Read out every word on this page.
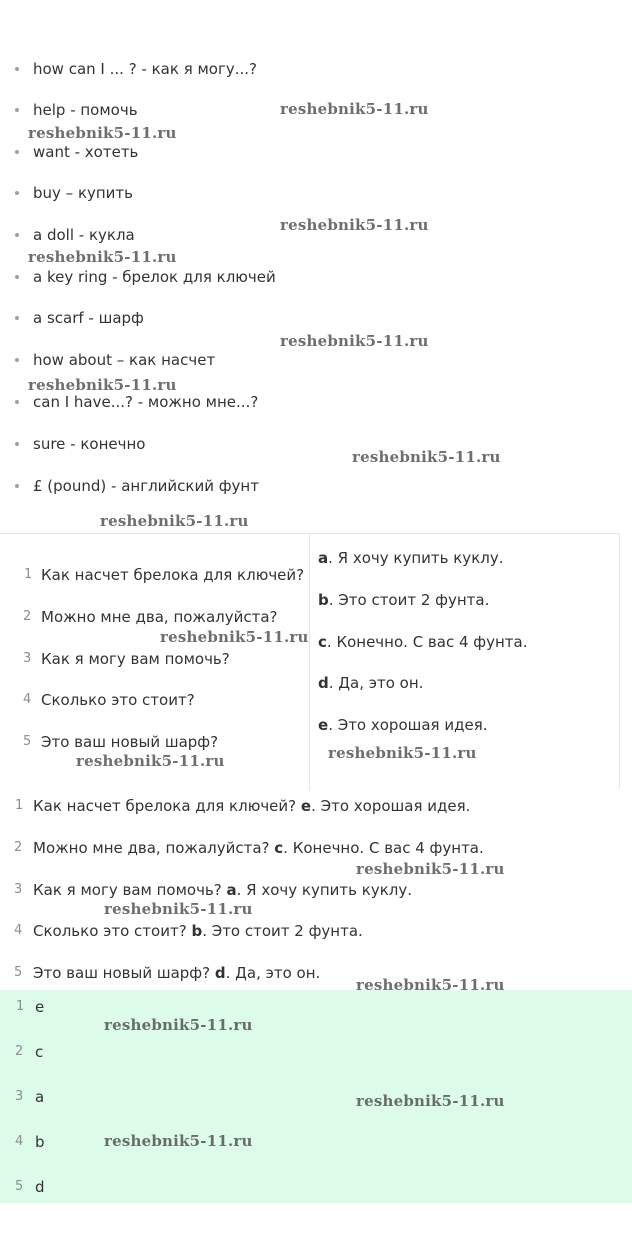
how can I ... ? - как я могу...?
help - помочь
want - хотеть
buy – купить
a doll - кукла
a key ring - брелок для ключей
a scarf - шарф
how about – как насчет
can I have...? - можно мне...?
sure - конечно
£ (pound) - английский фунт
1 Как насчет брелока для ключей?
2 Можно мне два, пожалуйста?
3 Как я могу вам помочь?
4 Сколько это стоит?
5 Это ваш новый шарф?
a. Я хочу купить куклу.
b. Это стоит 2 фунта.
c. Конечно. С вас 4 фунта.
d. Да, это он.
e. Это хорошая идея.
1 Как насчет брелока для ключей? e. Это хорошая идея.
2 Можно мне два, пожалуйста? c. Конечно. С вас 4 фунта.
3 Как я могу вам помочь? a. Я хочу купить куклу.
4 Сколько это стоит? b. Это стоит 2 фунта.
5 Это ваш новый шарф? d. Да, это он.
1 e
2 c
3 a
4 b
5 d
reshebnik5-11.ru
reshebnik5-11.ru
reshebnik5-11.ru
reshebnik5-11.ru
reshebnik5-11.ru
reshebnik5-11.ru
reshebnik5-11.ru
reshebnik5-11.ru
reshebnik5-11.ru
reshebnik5-11.ru
reshebnik5-11.ru
reshebnik5-11.ru
reshebnik5-11.ru
reshebnik5-11.ru
reshebnik5-11.ru
reshebnik5-11.ru
reshebnik5-11.ru
